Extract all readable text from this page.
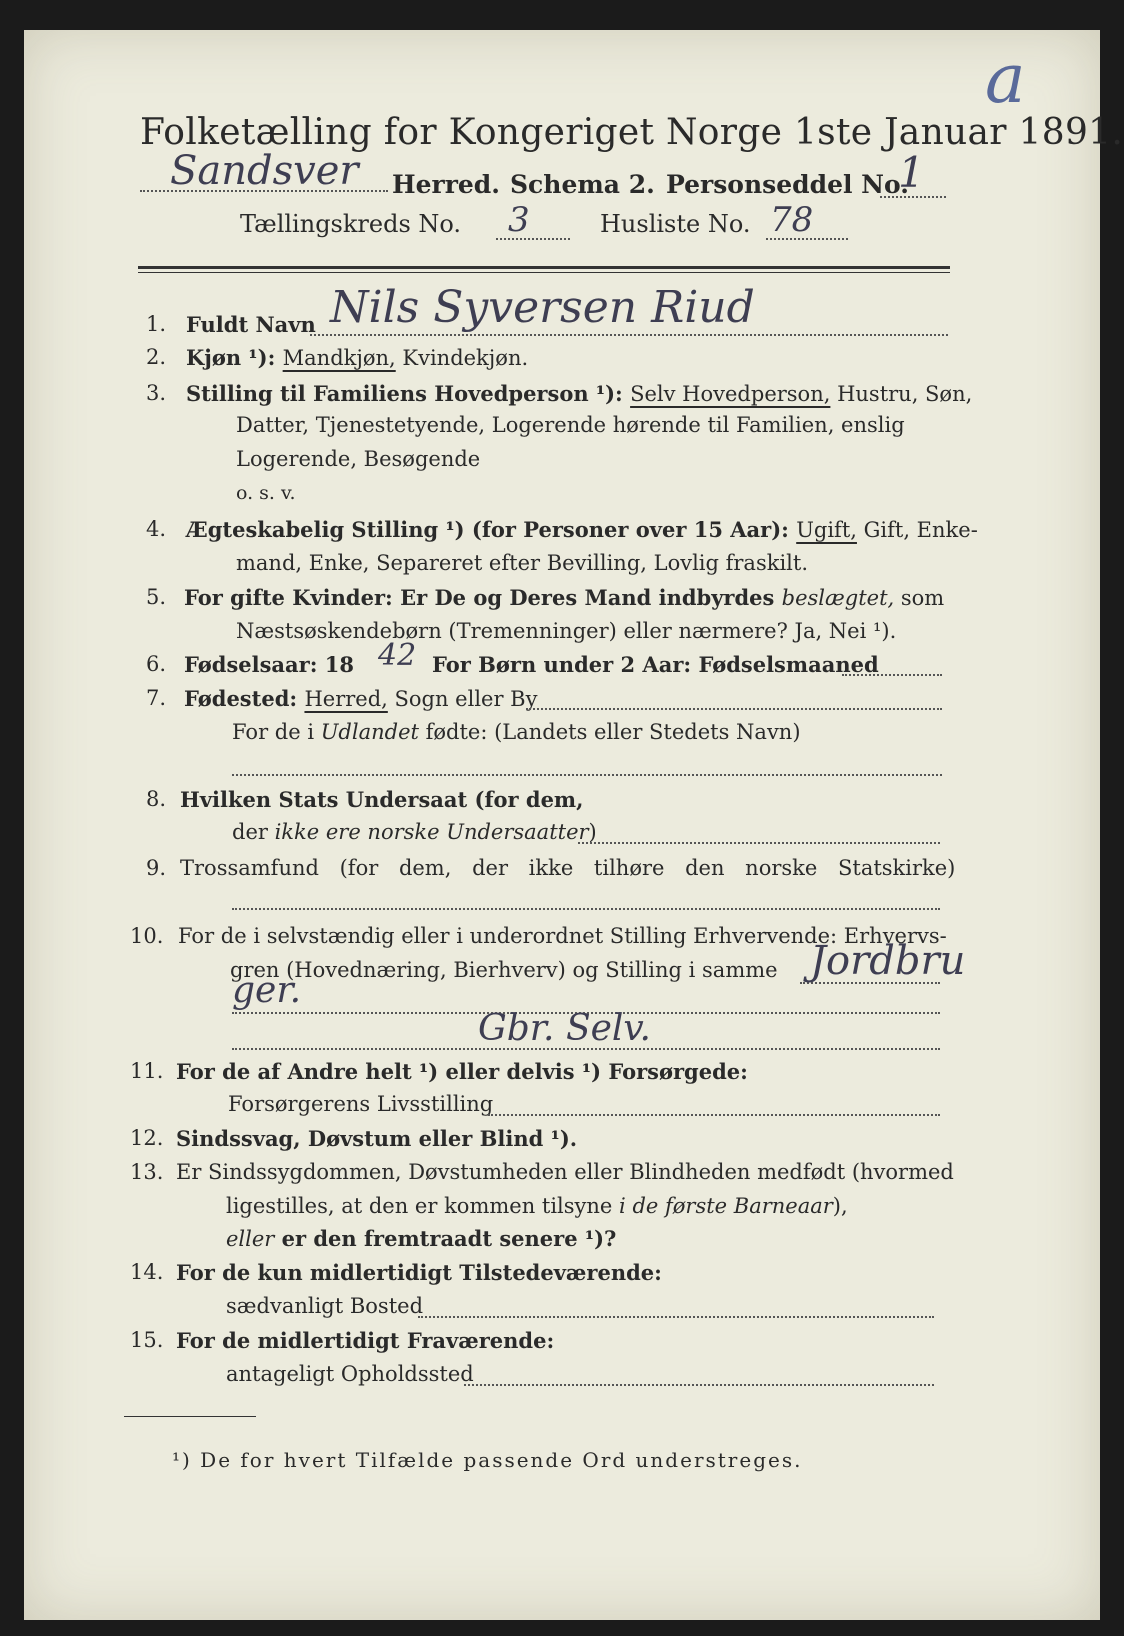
a
Folketælling for Kongeriget Norge 1ste Januar 1891.
Sandsver Herred. Schema 2. Personseddel No.
1
Tællingskreds No. 3	Husliste No. 78
1. Fuldt Navn Nils Syversen Riud
2. Kjøn ¹): Mandkjøn, Kvindekjøn.
3. Stilling til Familiens Hovedperson ¹): Selv Hovedperson, Hustru, Søn,
Datter, Tjenestetyende, Logerende hørende til Familien, enslig
Logerende, Besøgende
o. s. v.
4. Ægteskabelig Stilling ¹) (for Personer over 15 Aar): Ugift, Gift, Enke-
mand, Enke, Separeret efter Bevilling, Lovlig fraskilt.
5. For gifte Kvinder: Er De og Deres Mand indbyrdes beslægtet, som
Næstsøskendebørn (Tremenninger) eller nærmere? Ja, Nei ¹).
6. Fødselsaar: 18 42 For Børn under 2 Aar: Fødselsmaaned
7. Fødested: Herred, Sogn eller By
For de i Udlandet fødte: (Landets eller Stedets Navn)
8. Hvilken Stats Undersaat (for dem,
der ikke ere norske Undersaatter)
9. Trossamfund (for dem, der ikke tilhøre den norske Statskirke)
10. For de i selvstændig eller i underordnet Stilling Erhvervende: Erhvervs-
gren (Hovednæring, Bierhverv) og Stilling i samme Jordbru
ger.
Gbr. Selv.
11. For de af Andre helt ¹) eller delvis ¹) Forsørgede:
Forsørgerens Livsstilling
12. Sindssvag, Døvstum eller Blind ¹).
13. Er Sindssygdommen, Døvstumheden eller Blindheden medfødt (hvormed
ligestilles, at den er kommen tilsyne i de første Barneaar),
eller er den fremtraadt senere ¹)?
14. For de kun midlertidigt Tilstedeværende:
sædvanligt Bosted
15. For de midlertidigt Fraværende:
antageligt Opholdssted
¹) De for hvert Tilfælde passende Ord understreges.
